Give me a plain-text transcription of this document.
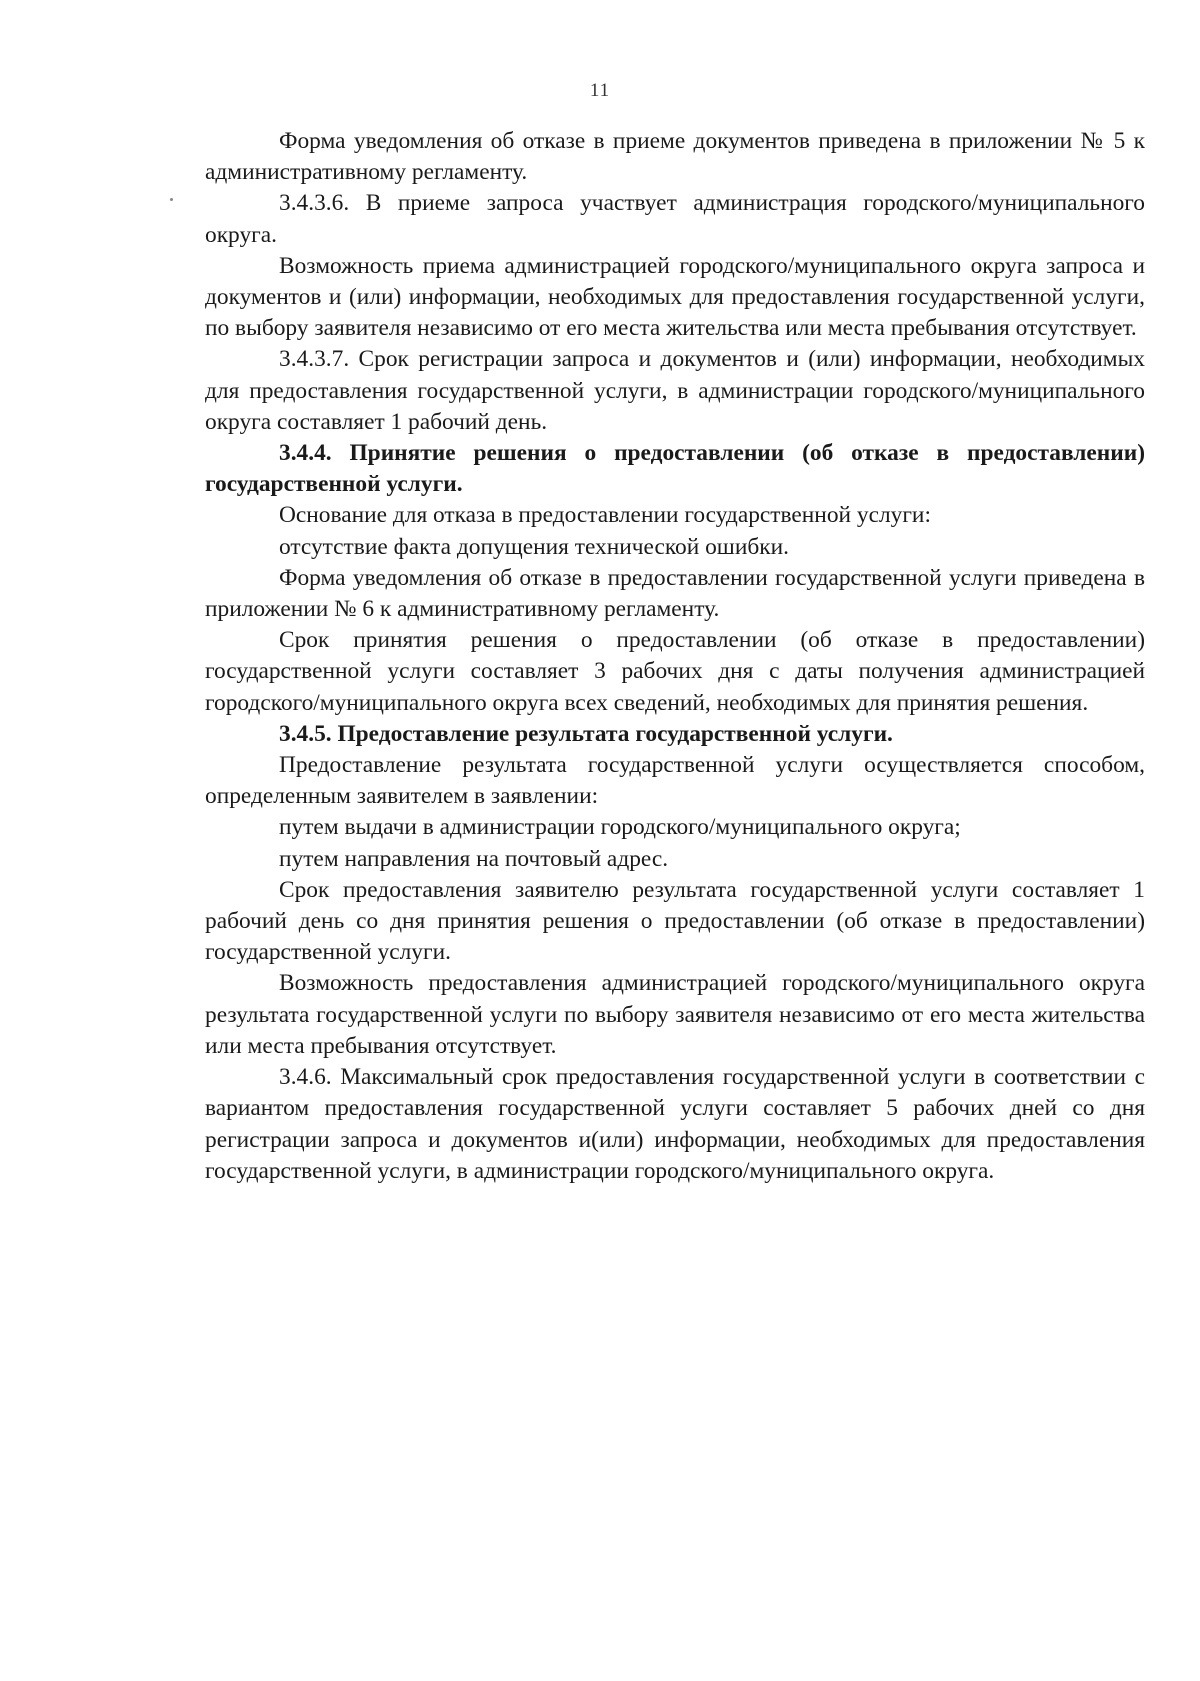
11

Форма уведомления об отказе в приеме документов приведена в приложении № 5 к административному регламенту.

3.4.3.6. В приеме запроса участвует администрация городского/муниципального округа.

Возможность приема администрацией городского/муниципального округа запроса и документов и (или) информации, необходимых для предоставления государственной услуги, по выбору заявителя независимо от его места жительства или места пребывания отсутствует.

3.4.3.7. Срок регистрации запроса и документов и (или) информации, необходимых для предоставления государственной услуги, в администрации городского/муниципального округа составляет 1 рабочий день.

3.4.4. Принятие решения о предоставлении (об отказе в предоставлении) государственной услуги.

Основание для отказа в предоставлении государственной услуги:

отсутствие факта допущения технической ошибки.

Форма уведомления об отказе в предоставлении государственной услуги приведена в приложении № 6 к административному регламенту.

Срок принятия решения о предоставлении (об отказе в предоставлении) государственной услуги составляет 3 рабочих дня с даты получения администрацией городского/муниципального округа всех сведений, необходимых для принятия решения.

3.4.5. Предоставление результата государственной услуги.

Предоставление результата государственной услуги осуществляется способом, определенным заявителем в заявлении:

путем выдачи в администрации городского/муниципального округа;

путем направления на почтовый адрес.

Срок предоставления заявителю результата государственной услуги составляет 1 рабочий день со дня принятия решения о предоставлении (об отказе в предоставлении) государственной услуги.

Возможность предоставления администрацией городского/муниципального округа результата государственной услуги по выбору заявителя независимо от его места жительства или места пребывания отсутствует.

3.4.6. Максимальный срок предоставления государственной услуги в соответствии с вариантом предоставления государственной услуги составляет 5 рабочих дней со дня регистрации запроса и документов и(или) информации, необходимых для предоставления государственной услуги, в администрации городского/муниципального округа.
